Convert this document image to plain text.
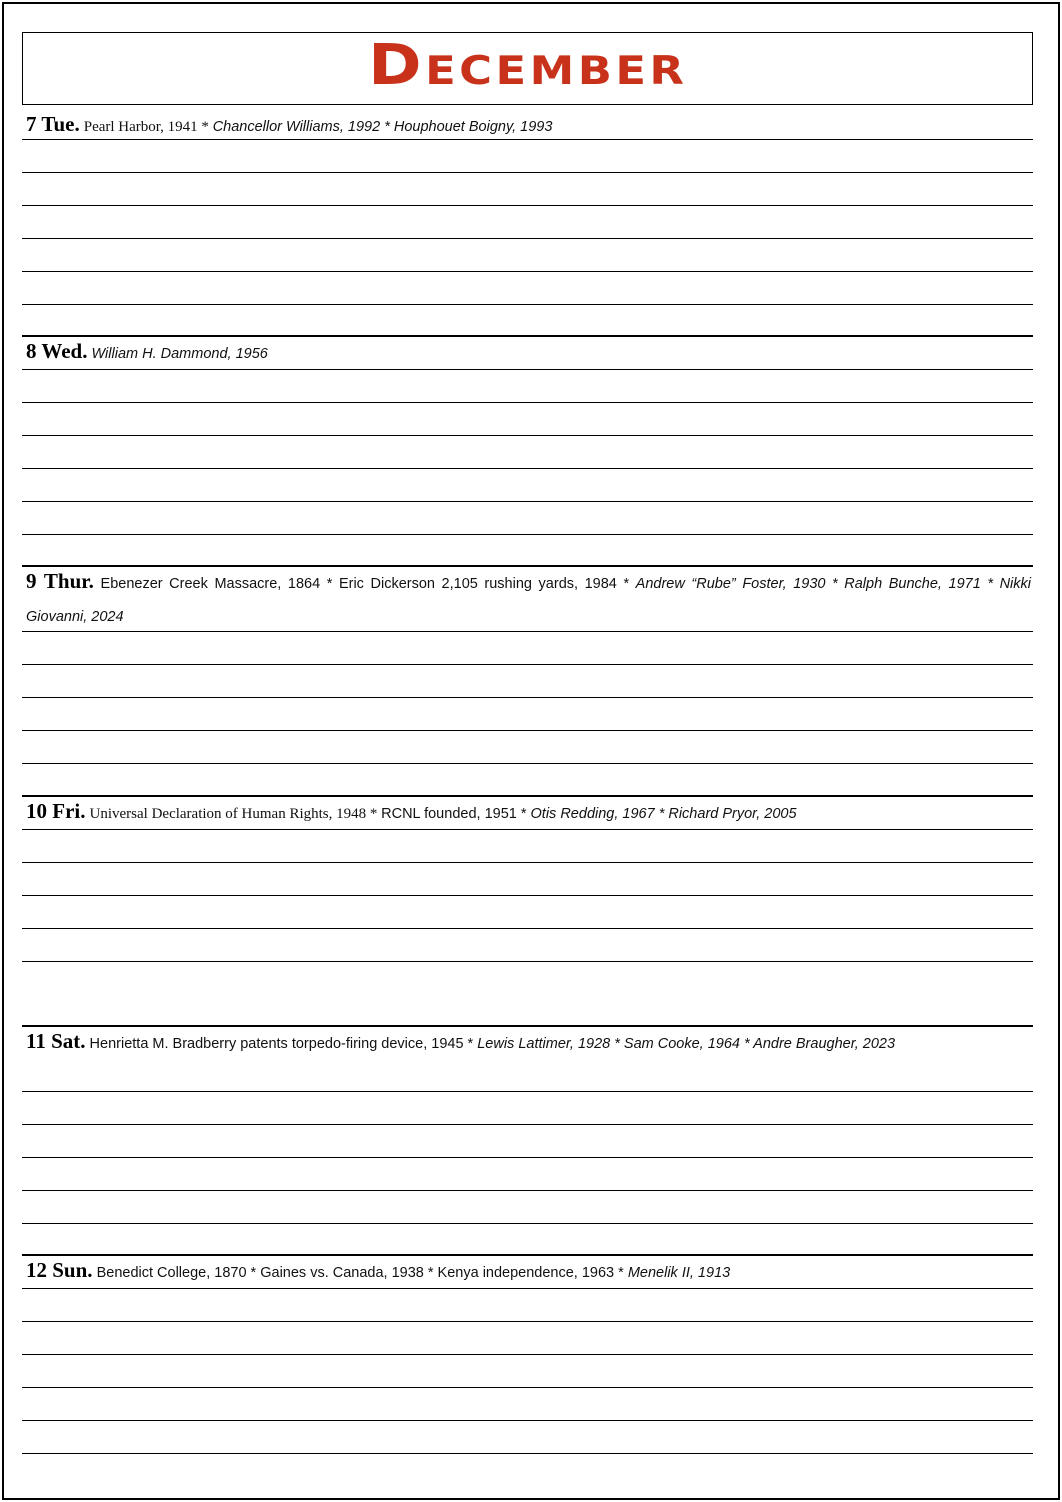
December
7 Tue. Pearl Harbor, 1941 * Chancellor Williams, 1992 * Houphouet Boigny, 1993
8 Wed. William H. Dammond, 1956
9 Thur. Ebenezer Creek Massacre, 1864 * Eric Dickerson 2,105 rushing yards, 1984 * Andrew “Rube” Foster, 1930 * Ralph Bunche, 1971 * Nikki Giovanni, 2024
10 Fri. Universal Declaration of Human Rights, 1948 * RCNL founded, 1951 * Otis Redding, 1967 * Richard Pryor, 2005
11 Sat. Henrietta M. Bradberry patents torpedo-firing device, 1945 * Lewis Lattimer, 1928 * Sam Cooke, 1964 * Andre Braugher, 2023
12 Sun. Benedict College, 1870 * Gaines vs. Canada, 1938 * Kenya independence, 1963 * Menelik II, 1913
